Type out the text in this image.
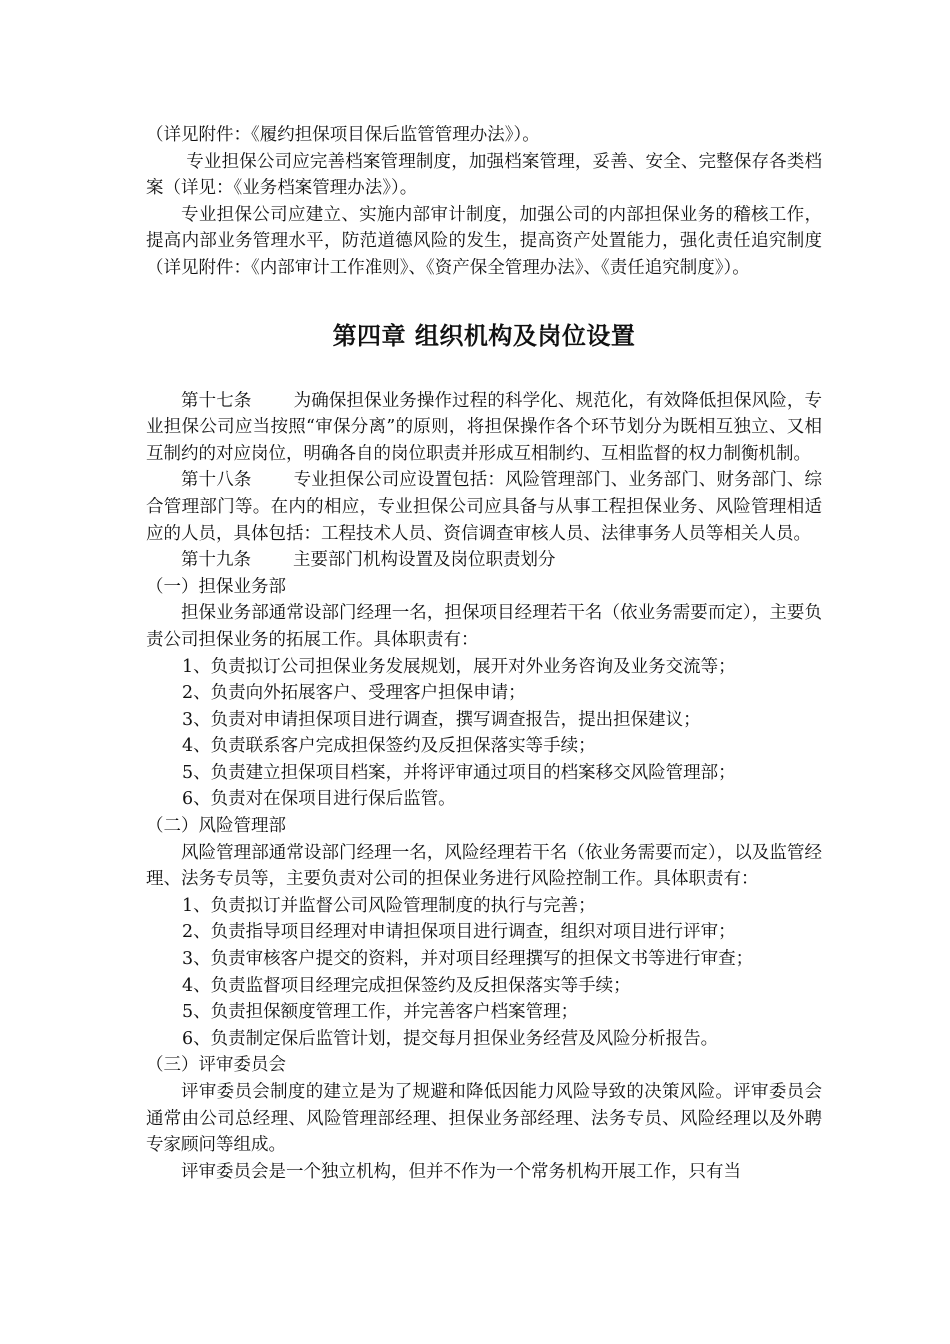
（详见附件：《履约担保项目保后监管管理办法》）。

专业担保公司应完善档案管理制度，加强档案管理，妥善、安全、完整保存各类档案（详见：《业务档案管理办法》）。

专业担保公司应建立、实施内部审计制度，加强公司的内部担保业务的稽核工作，提高内部业务管理水平，防范道德风险的发生，提高资产处置能力，强化责任追究制度（详见附件：《内部审计工作准则》、《资产保全管理办法》、《责任追究制度》）。

第四章 组织机构及岗位设置

第十七条 为确保担保业务操作过程的科学化、规范化，有效降低担保风险，专业担保公司应当按照“审保分离”的原则，将担保操作各个环节划分为既相互独立、又相互制约的对应岗位，明确各自的岗位职责并形成互相制约、互相监督的权力制衡机制。

第十八条 专业担保公司应设置包括：风险管理部门、业务部门、财务部门、综合管理部门等。在内的相应，专业担保公司应具备与从事工程担保业务、风险管理相适应的人员，具体包括：工程技术人员、资信调查审核人员、法律事务人员等相关人员。

第十九条 主要部门机构设置及岗位职责划分

（一）担保业务部

担保业务部通常设部门经理一名，担保项目经理若干名（依业务需要而定），主要负责公司担保业务的拓展工作。具体职责有：

1、负责拟订公司担保业务发展规划，展开对外业务咨询及业务交流等；

2、负责向外拓展客户、受理客户担保申请；

3、负责对申请担保项目进行调查，撰写调查报告，提出担保建议；

4、负责联系客户完成担保签约及反担保落实等手续；

5、负责建立担保项目档案，并将评审通过项目的档案移交风险管理部；

6、负责对在保项目进行保后监管。

（二）风险管理部

风险管理部通常设部门经理一名，风险经理若干名（依业务需要而定），以及监管经理、法务专员等，主要负责对公司的担保业务进行风险控制工作。具体职责有：

1、负责拟订并监督公司风险管理制度的执行与完善；

2、负责指导项目经理对申请担保项目进行调查，组织对项目进行评审；

3、负责审核客户提交的资料，并对项目经理撰写的担保文书等进行审查；

4、负责监督项目经理完成担保签约及反担保落实等手续；

5、负责担保额度管理工作，并完善客户档案管理；

6、负责制定保后监管计划，提交每月担保业务经营及风险分析报告。

（三）评审委员会

评审委员会制度的建立是为了规避和降低因能力风险导致的决策风险。评审委员会通常由公司总经理、风险管理部经理、担保业务部经理、法务专员、风险经理以及外聘专家顾问等组成。

评审委员会是一个独立机构，但并不作为一个常务机构开展工作，只有当
